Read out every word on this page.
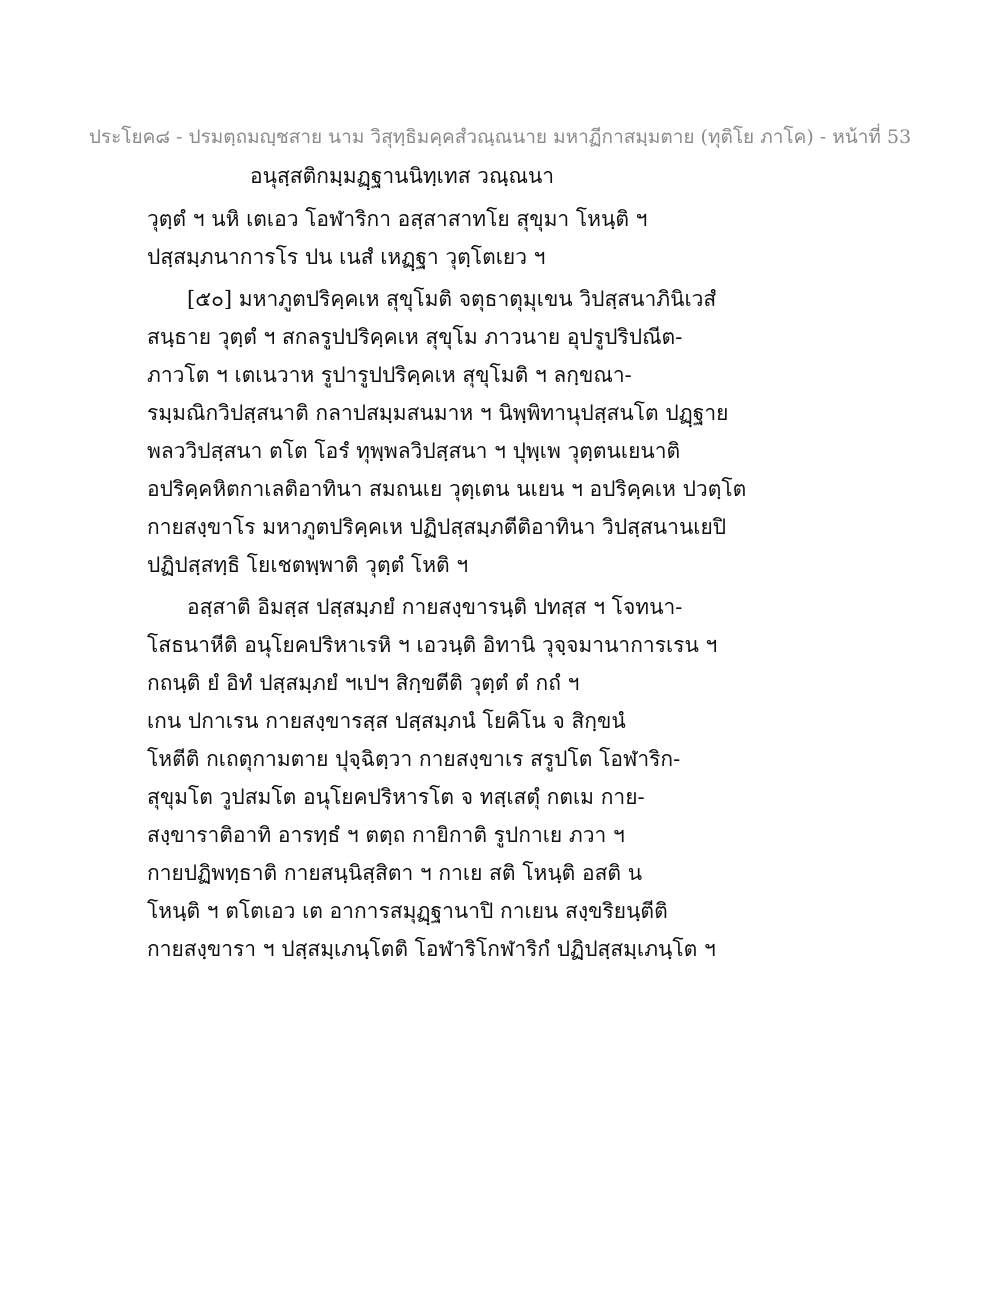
ประโยค๘ - ปรมตฺถมญฺชสาย นาม วิสุทฺธิมคฺคสํวณฺณนาย มหาฏีกาสมฺมตาย (ทุติโย ภาโค) - หน้าที่ 53
อนุสฺสติกมฺมฏฺฐานนิทฺเทส วณฺณนา
วุตฺตํ ฯ นหิ เตเอว โอฬาริกา อสฺสาสาทโย สุขุมา โหนฺติ ฯ
ปสฺสมฺภนาการโร ปน เนสํ เหฏฺฐา วุตฺโตเยว ฯ
[๕๐] มหาภูตปริคฺคเห สุขุโมติ จตุธาตุมุเขน วิปสฺสนาภินิเวสํ
สนฺธาย วุตฺตํ ฯ สกลรูปปริคฺคเห สุขุโม ภาวนาย อุปรูปริปณีต-
ภาวโต ฯ เตเนวาห รูปารูปปริคฺคเห สุขุโมติ ฯ ลกฺขณา-
รมฺมณิกวิปสฺสนาติ กลาปสมฺมสนมาห ฯ นิพฺพิทานุปสฺสนโต ปฏฺฐาย
พลววิปสฺสนา ตโต โอรํ ทุพฺพลวิปสฺสนา ฯ ปุพฺเพ วุตฺตนเยนาติ
อปริคฺคหิตกาเลติอาทินา สมถนเย วุตฺเตน นเยน ฯ อปริคฺคเห ปวตฺโต
กายสงฺขาโร มหาภูตปริคฺคเห ปฏิปสฺสมฺภตีติอาทินา วิปสฺสนานเยปิ
ปฏิปสฺสทฺธิ โยเชตพฺพาติ วุตฺตํ โหติ ฯ
อสฺสาติ อิมสฺส ปสฺสมฺภยํ กายสงฺขารนฺติ ปทสฺส ฯ โจทนา-
โสธนาหีติ อนุโยคปริหาเรหิ ฯ เอวนฺติ อิทานิ วุจฺจมานาการเรน ฯ
กถนฺติ ยํ อิทํ ปสฺสมฺภยํ ฯเปฯ สิกฺขตีติ วุตฺตํ ตํ กถํ ฯ
เกน ปกาเรน กายสงฺขารสฺส ปสฺสมฺภนํ โยคิโน จ สิกฺขนํ
โหตีติ กเถตุกามตาย ปุจฺฉิตฺวา กายสงฺขาเร สรูปโต โอฬาริก-
สุขุมโต วูปสมโต อนุโยคปริหารโต จ ทสฺเสตุํ กตเม กาย-
สงฺขาราติอาทิ อารทฺธํ ฯ ตตฺถ กายิกาติ รูปกาเย ภวา ฯ
กายปฏิพทฺธาติ กายสนฺนิสฺสิตา ฯ กาเย สติ โหนฺติ อสติ น
โหนฺติ ฯ ตโตเอว เต อาการสมุฏฺฐานาปิ กาเยน สงฺขริยนฺตีติ
กายสงฺขารา ฯ ปสฺสมฺเภนฺโตติ โอฬาริโกฬาริกํ ปฏิปสฺสมฺเภนฺโต ฯ
